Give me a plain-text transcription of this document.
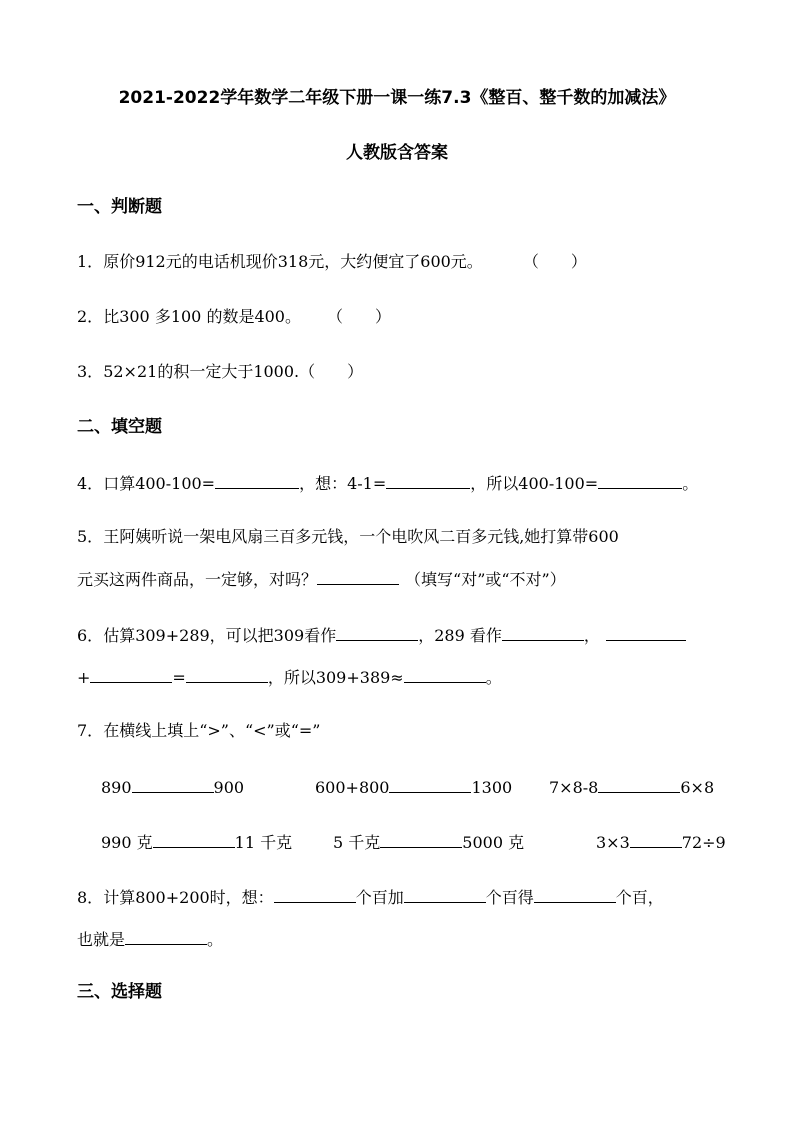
2021-2022学年数学二年级下册一课一练7.3《整百、整千数的加减法》
人教版含答案
一、判断题
1．原价912元的电话机现价318元，大约便宜了600元。	（　　）
2．比300 多100 的数是400。 （　　）
3．52×21的积一定大于1000.（　　）
二、填空题
4．口算400-100=	，想：4-1=	，所以400-100=	。
5．王阿姨听说一架电风扇三百多元钱，一个电吹风二百多元钱,她打算带600
元买这两件商品，一定够，对吗？	（填写“对”或“不对”）
6．估算309+289，可以把309看作	，289 看作	，
+	=	，所以309+389≈	。
7．在横线上填上“>”、“<”或“=”
890	900	600+800	1300 7×8-8	6×8
990 克	11 千克	5 千克	5000 克	3×3	72÷9
8．计算800+200时，想：	个百加	个百得	个百，
也就是	。
三、选择题
